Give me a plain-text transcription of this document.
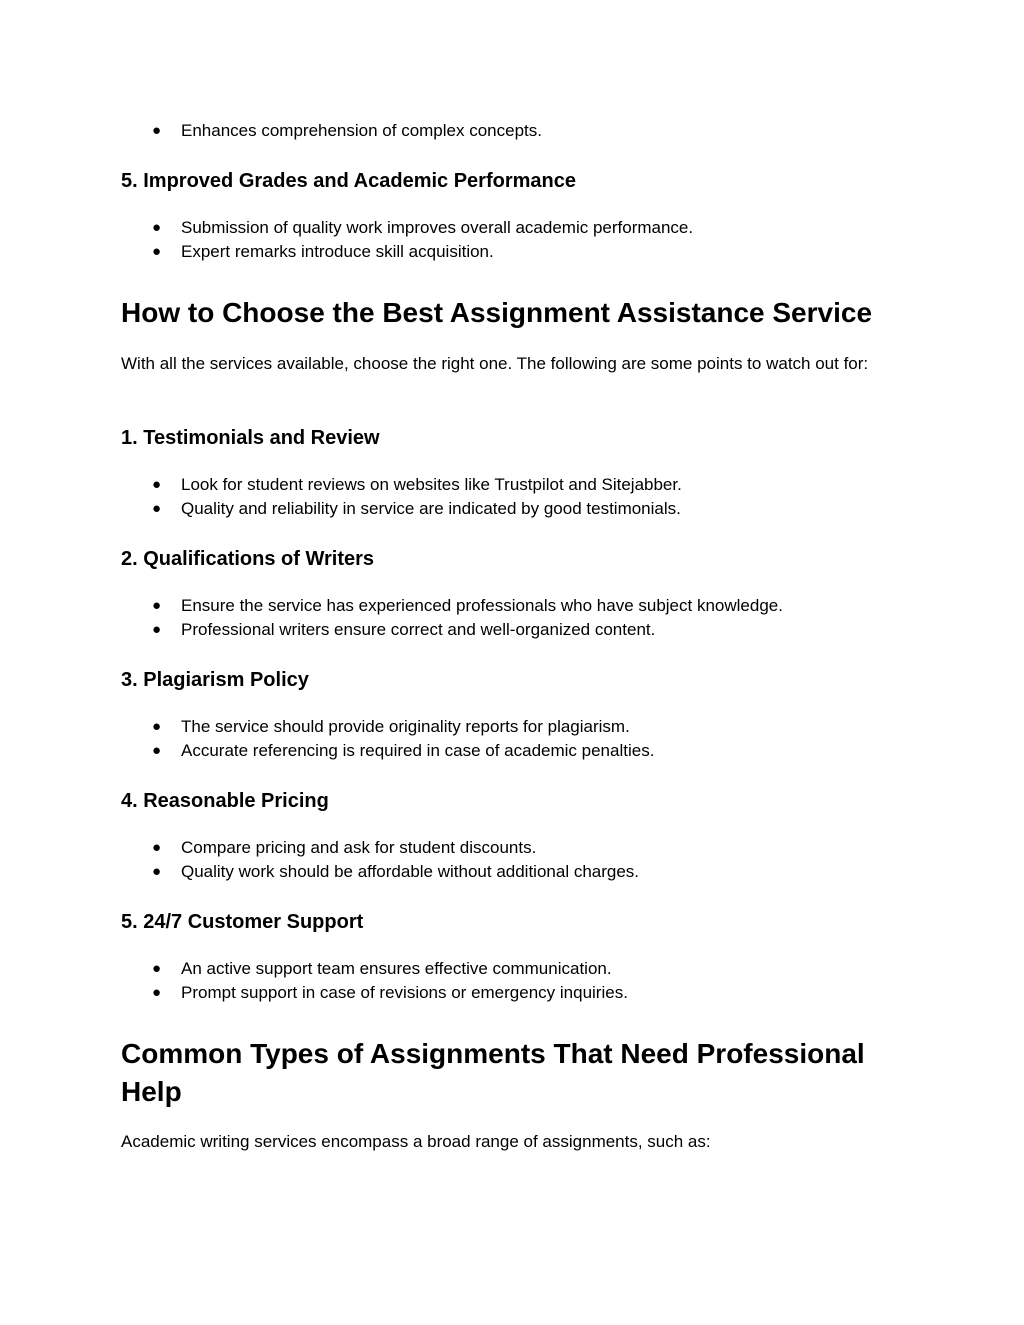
● Enhances comprehension of complex concepts.
5. Improved Grades and Academic Performance
● Submission of quality work improves overall academic performance.
● Expert remarks introduce skill acquisition.
How to Choose the Best Assignment Assistance Service
With all the services available, choose the right one. The following are some points to watch out for:
1. Testimonials and Review
● Look for student reviews on websites like Trustpilot and Sitejabber.
● Quality and reliability in service are indicated by good testimonials.
2. Qualifications of Writers
● Ensure the service has experienced professionals who have subject knowledge.
● Professional writers ensure correct and well-organized content.
3. Plagiarism Policy
● The service should provide originality reports for plagiarism.
● Accurate referencing is required in case of academic penalties.
4. Reasonable Pricing
● Compare pricing and ask for student discounts.
● Quality work should be affordable without additional charges.
5. 24/7 Customer Support
● An active support team ensures effective communication.
● Prompt support in case of revisions or emergency inquiries.
Common Types of Assignments That Need Professional Help
Academic writing services encompass a broad range of assignments, such as:
